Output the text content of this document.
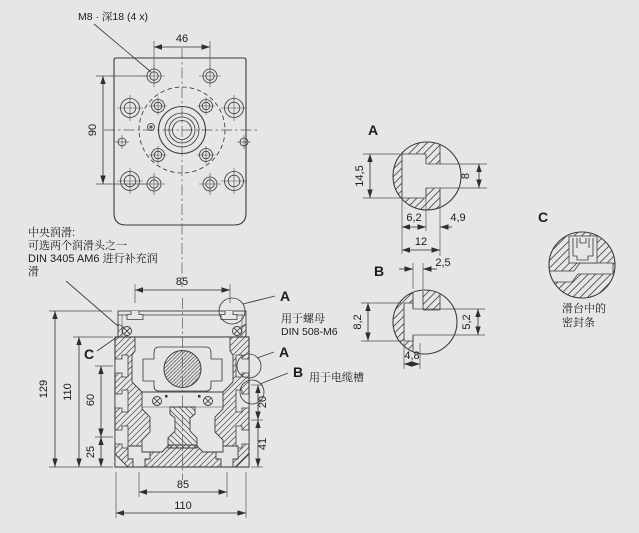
46
90
M8 · 深18 (4 x)
中央润滑:
可选两个润滑头之一
DIN 3405 AM6 进行补充润
滑
A
用于螺母
DIN 508-M6
A
B 用于电缆槽
C
85
129 110 60
25
20
41
85
110
A
14,5	8
6,2	4,9
12
B	2,5
8,2	5,2
4,8
C
滑台中的
密封条
